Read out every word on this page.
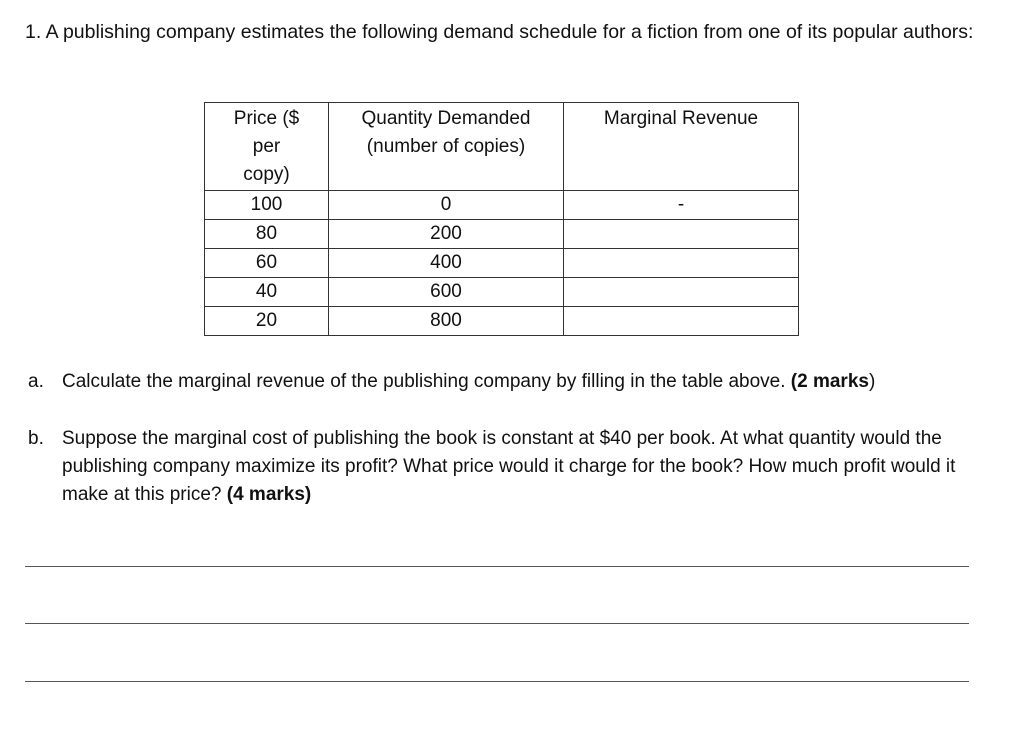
1. A publishing company estimates the following demand schedule for a fiction from one of its popular authors:
Price ($ per copy)	Quantity Demanded (number of copies)	Marginal Revenue

100	0	-
80	200	
60	400	
40	600	
20	800	
a. Calculate the marginal revenue of the publishing company by filling in the table above. (2 marks)
b. Suppose the marginal cost of publishing the book is constant at $40 per book. At what quantity would the publishing company maximize its profit? What price would it charge for the book? How much profit would it make at this price? (4 marks)
